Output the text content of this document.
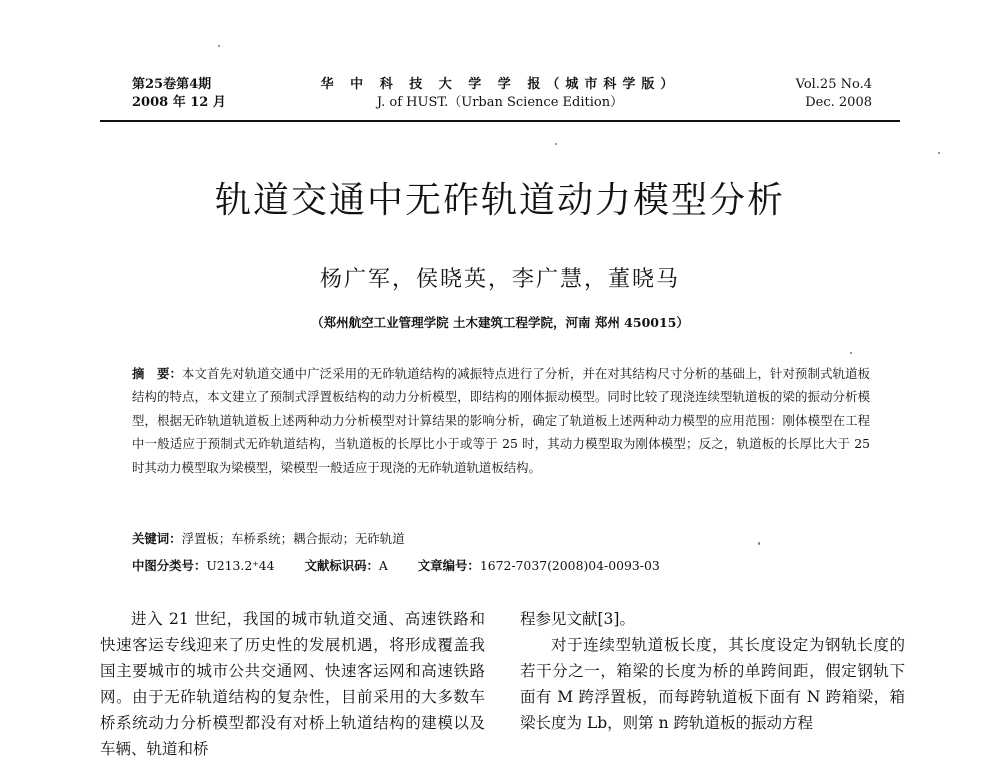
第25卷第4期
2008 年 12 月
华 中 科 技 大 学 学 报（城市科学版）
J. of HUST.（Urban Science Edition）
Vol.25 No.4
Dec. 2008
轨道交通中无砟轨道动力模型分析
杨广军，侯晓英，李广慧，董晓马
（郑州航空工业管理学院 土木建筑工程学院，河南 郑州 450015）
摘　要：本文首先对轨道交通中广泛采用的无砟轨道结构的减振特点进行了分析，并在对其结构尺寸分析的基础上，针对预制式轨道板结构的特点，本文建立了预制式浮置板结构的动力分析模型，即结构的刚体振动模型。同时比较了现浇连续型轨道板的梁的振动分析模型，根据无砟轨道轨道板上述两种动力分析模型对计算结果的影响分析，确定了轨道板上述两种动力模型的应用范围：刚体模型在工程中一般适应于预制式无砟轨道结构，当轨道板的长厚比小于或等于 25 时，其动力模型取为刚体模型；反之，轨道板的长厚比大于 25 时其动力模型取为梁模型，梁模型一般适应于现浇的无砟轨道轨道板结构。
关键词：浮置板；车桥系统；耦合振动；无砟轨道
中图分类号：U213.2⁺44 文献标识码：A 文章编号：1672-7037(2008)04-0093-03
进入 21 世纪，我国的城市轨道交通、高速铁路和快速客运专线迎来了历史性的发展机遇，将形成覆盖我国主要城市的城市公共交通网、快速客运网和高速铁路网。由于无砟轨道结构的复杂性，目前采用的大多数车桥系统动力分析模型都没有对桥上轨道结构的建模以及车辆、轨道和桥

程参见文献[3]。

对于连续型轨道板长度，其长度设定为钢轨长度的若干分之一，箱梁的长度为桥的单跨间距，假定钢轨下面有 M 跨浮置板，而每跨轨道板下面有 N 跨箱梁，箱梁长度为 Lb，则第 n 跨轨道板的振动方程
